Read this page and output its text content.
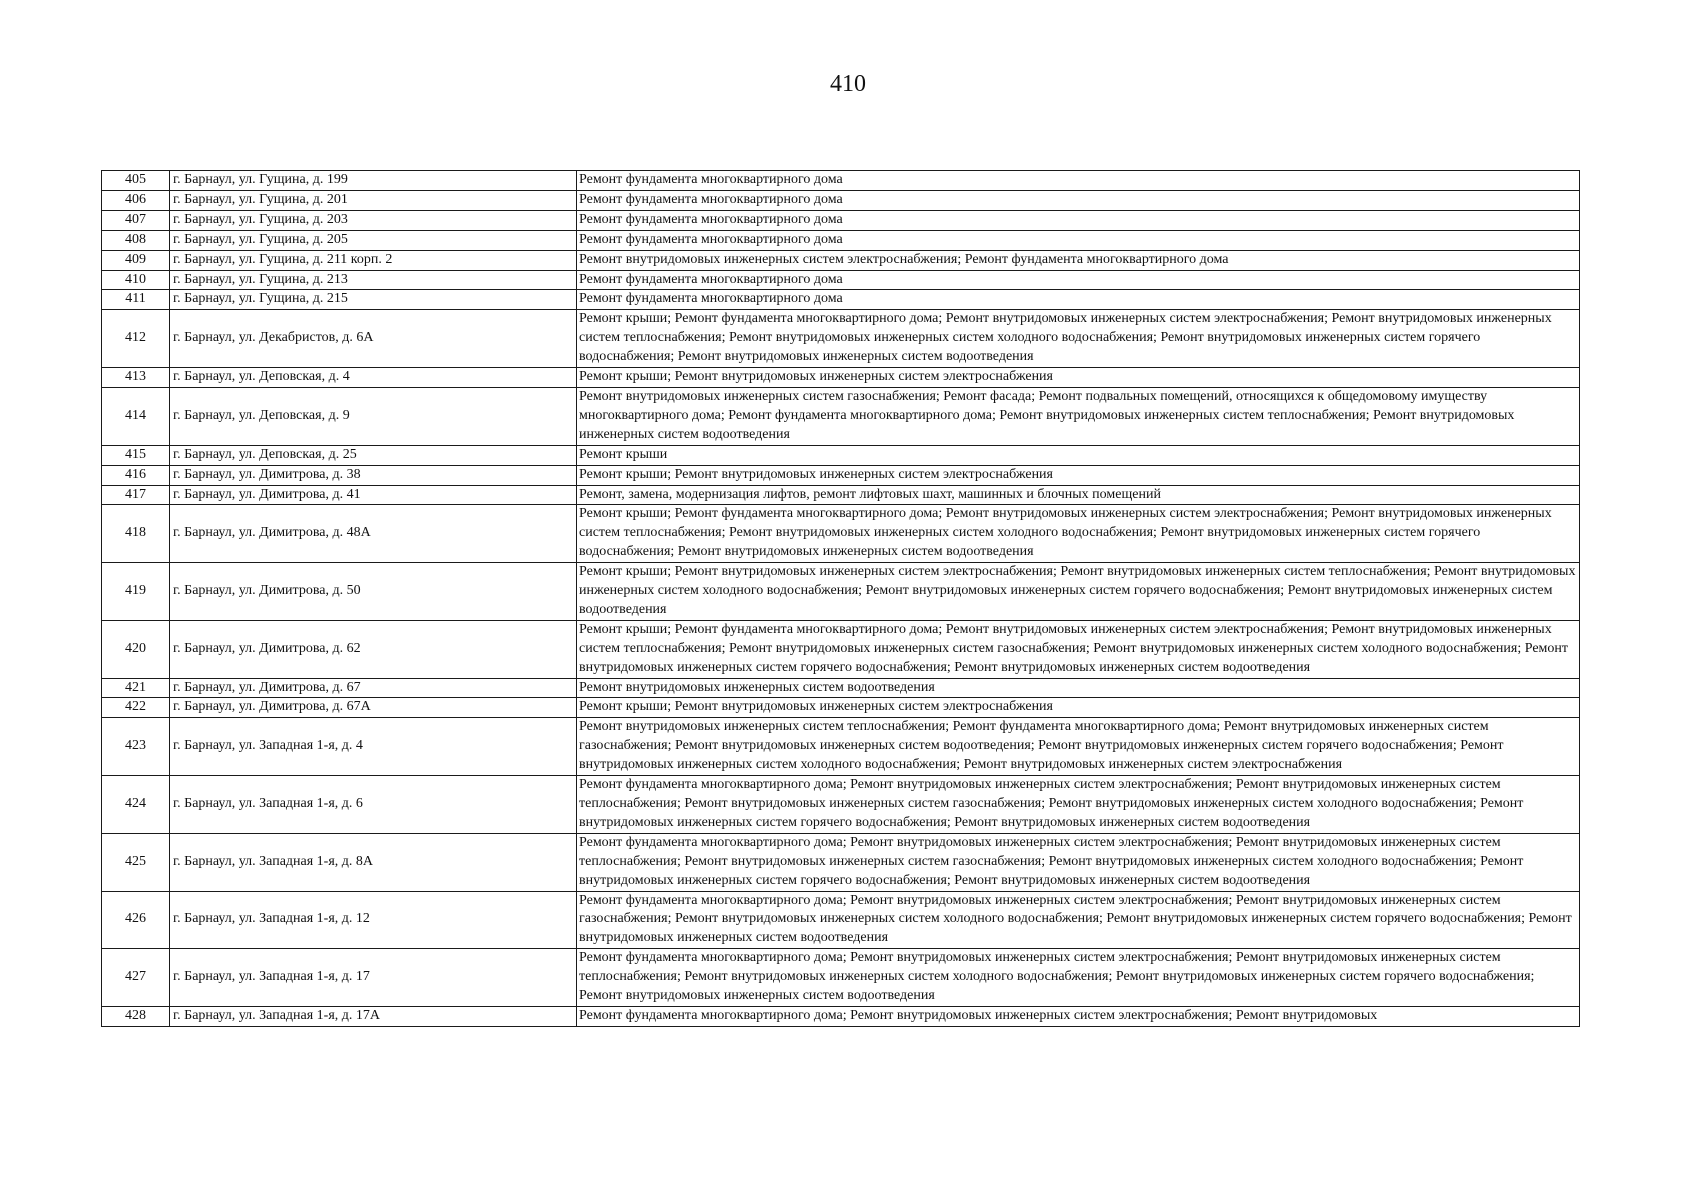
410
405	г. Барнаул, ул. Гущина, д. 199	Ремонт фундамента многоквартирного дома
406	г. Барнаул, ул. Гущина, д. 201	Ремонт фундамента многоквартирного дома
407	г. Барнаул, ул. Гущина, д. 203	Ремонт фундамента многоквартирного дома
408	г. Барнаул, ул. Гущина, д. 205	Ремонт фундамента многоквартирного дома
409	г. Барнаул, ул. Гущина, д. 211 корп. 2	Ремонт внутридомовых инженерных систем электроснабжения; Ремонт фундамента многоквартирного дома
410	г. Барнаул, ул. Гущина, д. 213	Ремонт фундамента многоквартирного дома
411	г. Барнаул, ул. Гущина, д. 215	Ремонт фундамента многоквартирного дома
412	г. Барнаул, ул. Декабристов, д. 6А	Ремонт крыши; Ремонт фундамента многоквартирного дома; Ремонт внутридомовых инженерных систем электроснабжения; Ремонт внутридомовых инженерных систем теплоснабжения; Ремонт внутридомовых инженерных систем холодного водоснабжения; Ремонт внутридомовых инженерных систем горячего водоснабжения; Ремонт внутридомовых инженерных систем водоотведения
413	г. Барнаул, ул. Деповская, д. 4	Ремонт крыши; Ремонт внутридомовых инженерных систем электроснабжения
414	г. Барнаул, ул. Деповская, д. 9	Ремонт внутридомовых инженерных систем газоснабжения; Ремонт фасада; Ремонт подвальных помещений, относящихся к общедомовому имуществу многоквартирного дома; Ремонт фундамента многоквартирного дома; Ремонт внутридомовых инженерных систем теплоснабжения; Ремонт внутридомовых инженерных систем водоотведения
415	г. Барнаул, ул. Деповская, д. 25	Ремонт крыши
416	г. Барнаул, ул. Димитрова, д. 38	Ремонт крыши; Ремонт внутридомовых инженерных систем электроснабжения
417	г. Барнаул, ул. Димитрова, д. 41	Ремонт, замена, модернизация лифтов, ремонт лифтовых шахт, машинных и блочных помещений
418	г. Барнаул, ул. Димитрова, д. 48А	Ремонт крыши; Ремонт фундамента многоквартирного дома; Ремонт внутридомовых инженерных систем электроснабжения; Ремонт внутридомовых инженерных систем теплоснабжения; Ремонт внутридомовых инженерных систем холодного водоснабжения; Ремонт внутридомовых инженерных систем горячего водоснабжения; Ремонт внутридомовых инженерных систем водоотведения
419	г. Барнаул, ул. Димитрова, д. 50	Ремонт крыши; Ремонт внутридомовых инженерных систем электроснабжения; Ремонт внутридомовых инженерных систем теплоснабжения; Ремонт внутридомовых инженерных систем холодного водоснабжения; Ремонт внутридомовых инженерных систем горячего водоснабжения; Ремонт внутридомовых инженерных систем водоотведения
420	г. Барнаул, ул. Димитрова, д. 62	Ремонт крыши; Ремонт фундамента многоквартирного дома; Ремонт внутридомовых инженерных систем электроснабжения; Ремонт внутридомовых инженерных систем теплоснабжения; Ремонт внутридомовых инженерных систем газоснабжения; Ремонт внутридомовых инженерных систем холодного водоснабжения; Ремонт внутридомовых инженерных систем горячего водоснабжения; Ремонт внутридомовых инженерных систем водоотведения
421	г. Барнаул, ул. Димитрова, д. 67	Ремонт внутридомовых инженерных систем водоотведения
422	г. Барнаул, ул. Димитрова, д. 67А	Ремонт крыши; Ремонт внутридомовых инженерных систем электроснабжения
423	г. Барнаул, ул. Западная 1-я, д. 4	Ремонт внутридомовых инженерных систем теплоснабжения; Ремонт фундамента многоквартирного дома; Ремонт внутридомовых инженерных систем газоснабжения; Ремонт внутридомовых инженерных систем водоотведения; Ремонт внутридомовых инженерных систем горячего водоснабжения; Ремонт внутридомовых инженерных систем холодного водоснабжения; Ремонт внутридомовых инженерных систем электроснабжения
424	г. Барнаул, ул. Западная 1-я, д. 6	Ремонт фундамента многоквартирного дома; Ремонт внутридомовых инженерных систем электроснабжения; Ремонт внутридомовых инженерных систем теплоснабжения; Ремонт внутридомовых инженерных систем газоснабжения; Ремонт внутридомовых инженерных систем холодного водоснабжения; Ремонт внутридомовых инженерных систем горячего водоснабжения; Ремонт внутридомовых инженерных систем водоотведения
425	г. Барнаул, ул. Западная 1-я, д. 8А	Ремонт фундамента многоквартирного дома; Ремонт внутридомовых инженерных систем электроснабжения; Ремонт внутридомовых инженерных систем теплоснабжения; Ремонт внутридомовых инженерных систем газоснабжения; Ремонт внутридомовых инженерных систем холодного водоснабжения; Ремонт внутридомовых инженерных систем горячего водоснабжения; Ремонт внутридомовых инженерных систем водоотведения
426	г. Барнаул, ул. Западная 1-я, д. 12	Ремонт фундамента многоквартирного дома; Ремонт внутридомовых инженерных систем электроснабжения; Ремонт внутридомовых инженерных систем газоснабжения; Ремонт внутридомовых инженерных систем холодного водоснабжения; Ремонт внутридомовых инженерных систем горячего водоснабжения; Ремонт внутридомовых инженерных систем водоотведения
427	г. Барнаул, ул. Западная 1-я, д. 17	Ремонт фундамента многоквартирного дома; Ремонт внутридомовых инженерных систем электроснабжения; Ремонт внутридомовых инженерных систем теплоснабжения; Ремонт внутридомовых инженерных систем холодного водоснабжения; Ремонт внутридомовых инженерных систем горячего водоснабжения; Ремонт внутридомовых инженерных систем водоотведения
428	г. Барнаул, ул. Западная 1-я, д. 17А	Ремонт фундамента многоквартирного дома; Ремонт внутридомовых инженерных систем электроснабжения; Ремонт внутридомовых
